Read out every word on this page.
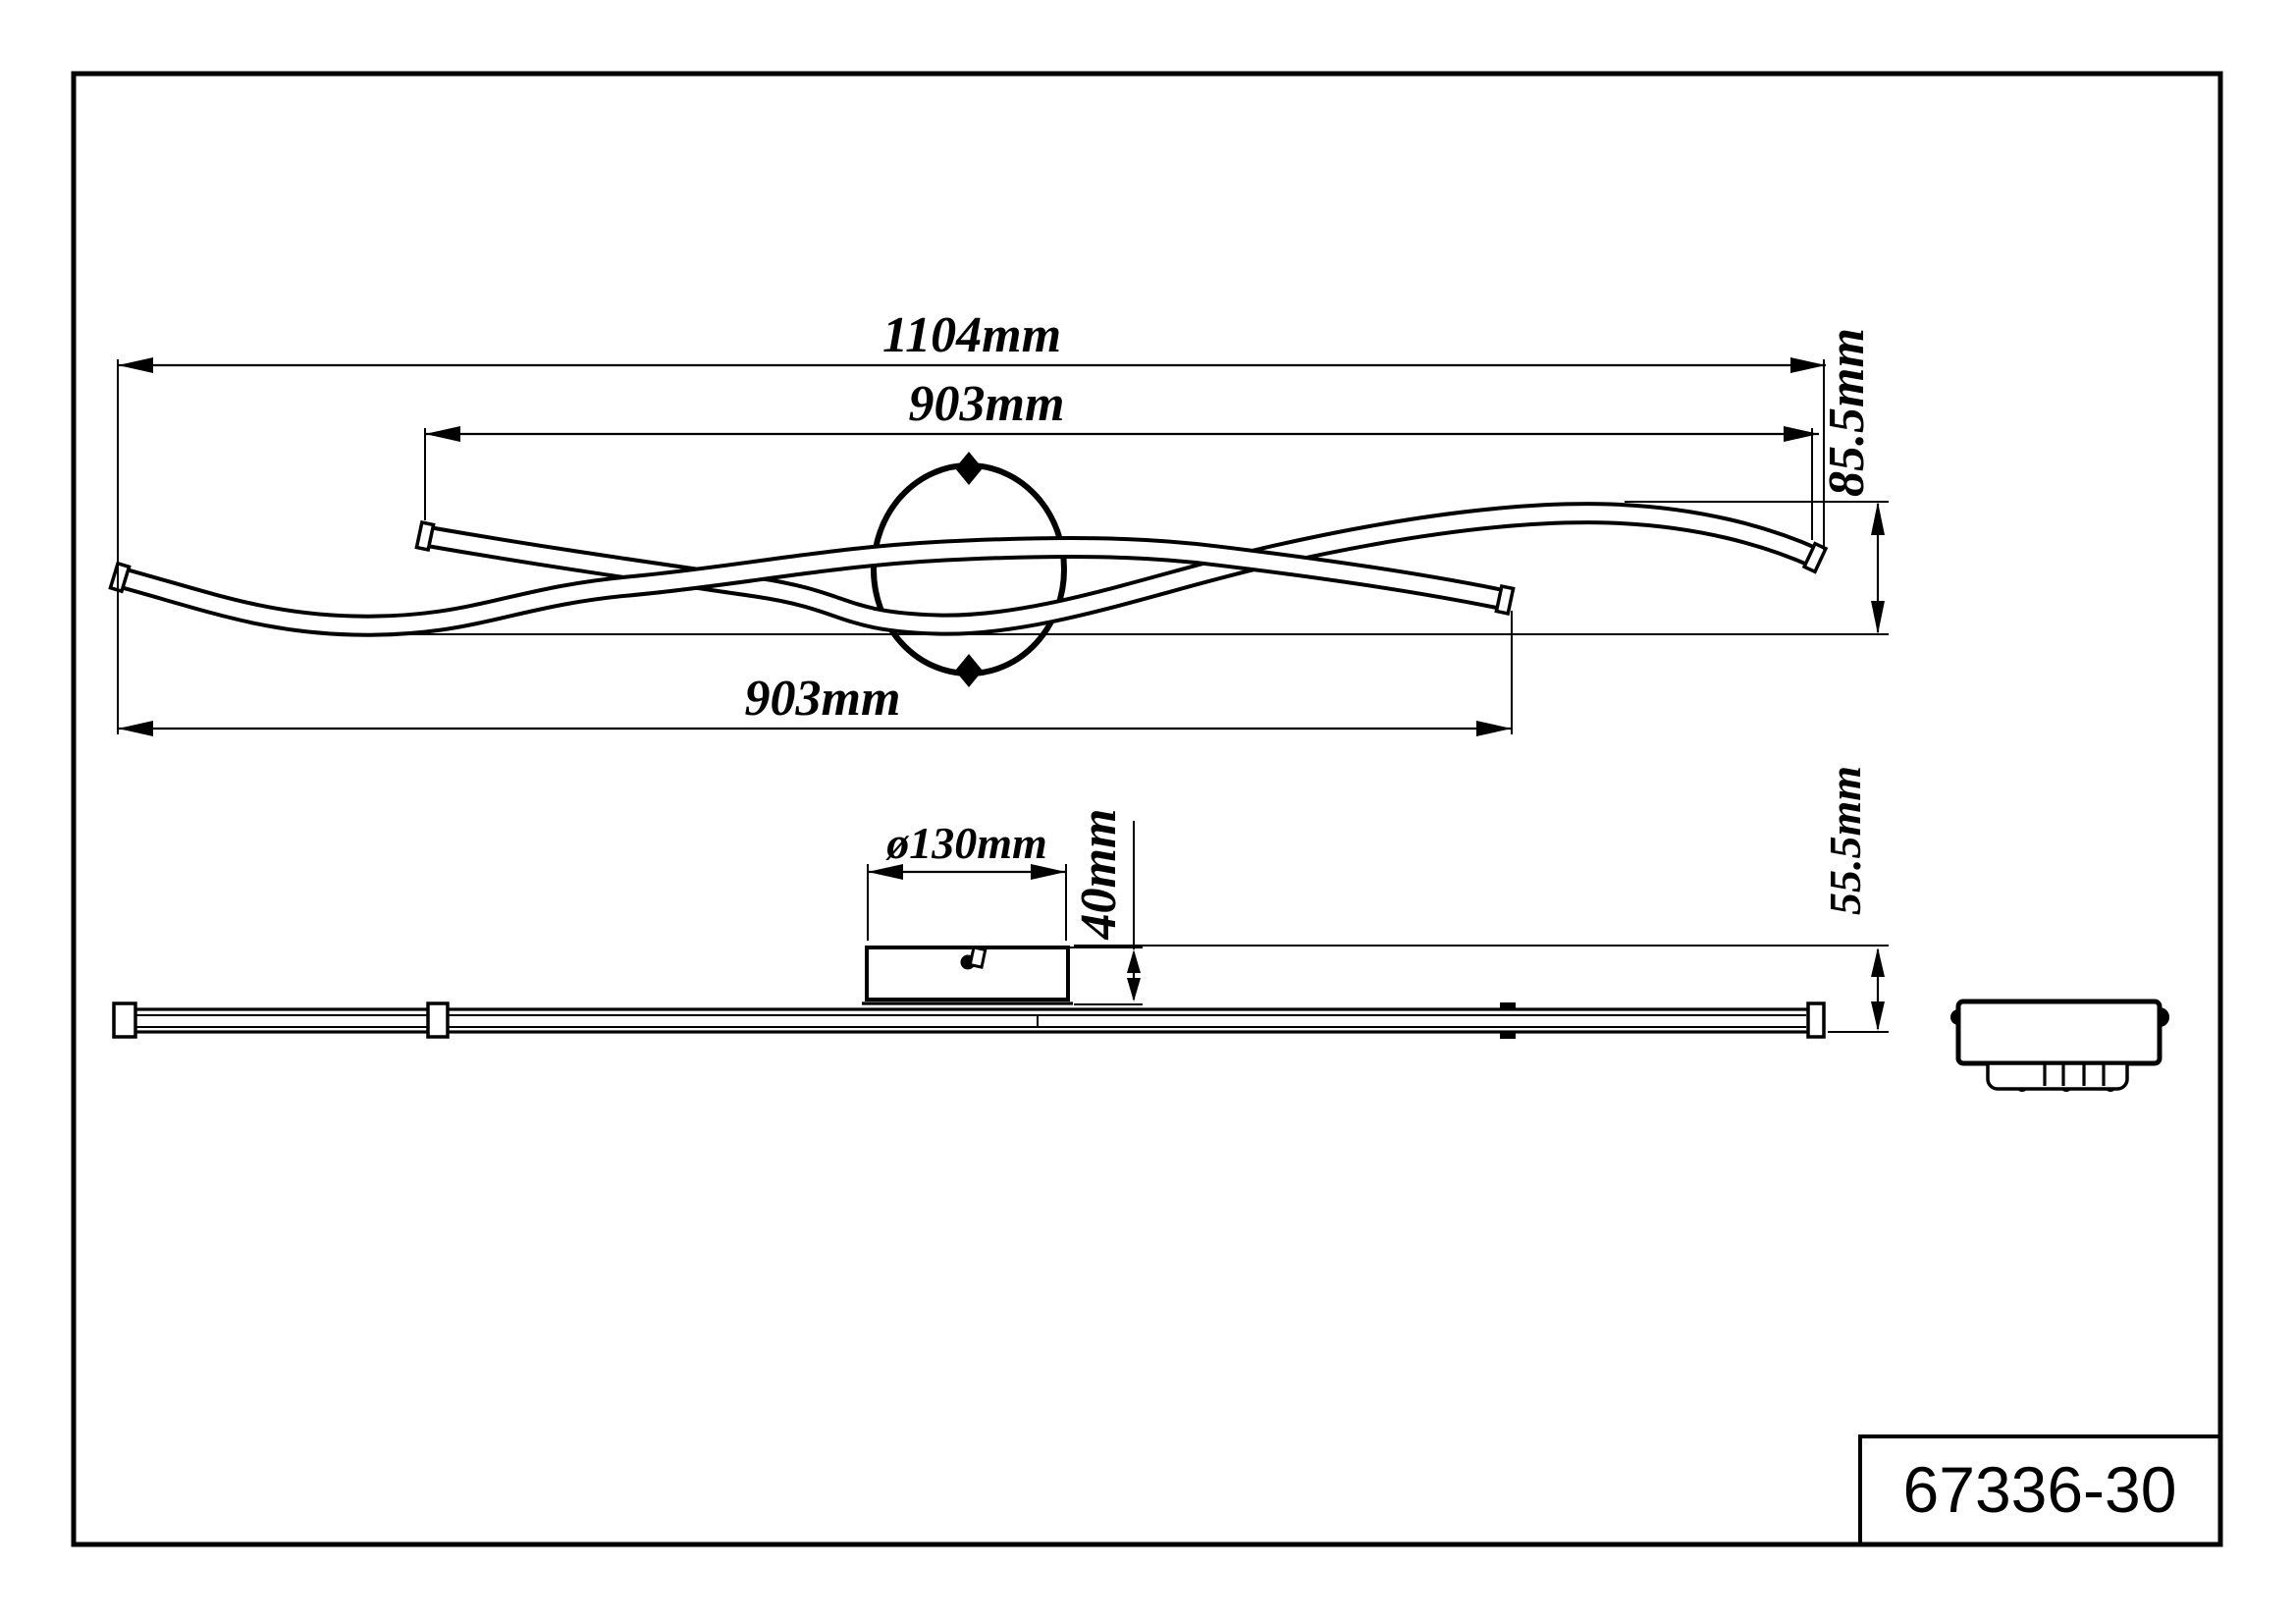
1104mm
903mm
903mm
85.5mm
ø130mm 40mm	55.5mm
67336-30
